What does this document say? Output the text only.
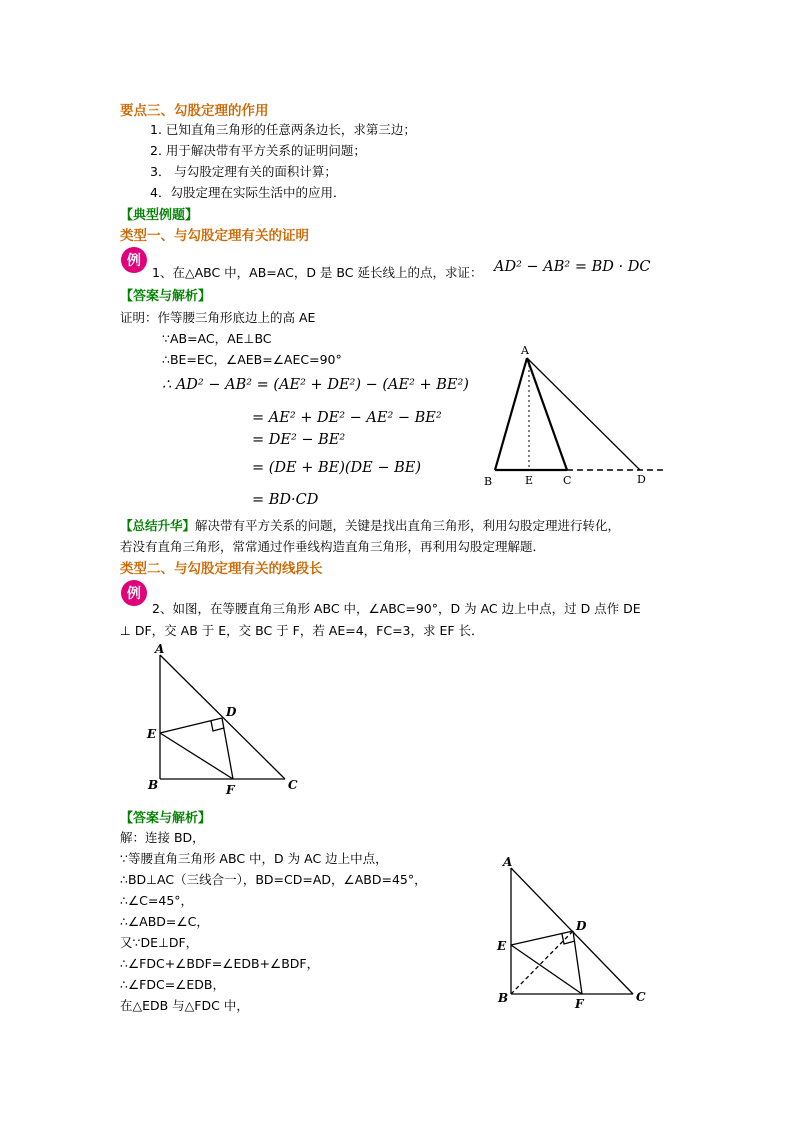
要点三、勾股定理的作用
1. 已知直角三角形的任意两条边长，求第三边；
2. 用于解决带有平方关系的证明问题；
3． 与勾股定理有关的面积计算；
4．勾股定理在实际生活中的应用．
【典型例题】
类型一、与勾股定理有关的证明
例
1、在△ABC 中，AB=AC，D 是 BC 延长线上的点，求证： AD² − AB² = BD · DC
【答案与解析】
证明：作等腰三角形底边上的高 AE
∵AB=AC，AE⊥BC
∴BE=EC，∠AEB=∠AEC=90°
∴ AD² − AB² = (AE² + DE²) − (AE² + BE²)
= AE² + DE² − AE² − BE²
= DE² − BE²
= (DE + BE)(DE − BE)
= BD·CD
A
B	E	C	D
【总结升华】解决带有平方关系的问题，关键是找出直角三角形，利用勾股定理进行转化，
若没有直角三角形，常常通过作垂线构造直角三角形，再利用勾股定理解题．
类型二、与勾股定理有关的线段长
例
2、如图，在等腰直角三角形 ABC 中，∠ABC=90°，D 为 AC 边上中点，过 D 点作 DE
⊥ DF，交 AB 于 E，交 BC 于 F，若 AE=4，FC=3，求 EF 长．
A
D
E
B	F	C
【答案与解析】
解：连接 BD，
∵等腰直角三角形 ABC 中，D 为 AC 边上中点，
∴BD⊥AC（三线合一），BD=CD=AD，∠ABD=45°，
∴∠C=45°，
∴∠ABD=∠C，
又∵DE⊥DF，
∴∠FDC+∠BDF=∠EDB+∠BDF，
∴∠FDC=∠EDB，
在△EDB 与△FDC 中，
A
D
E
B	F	C
